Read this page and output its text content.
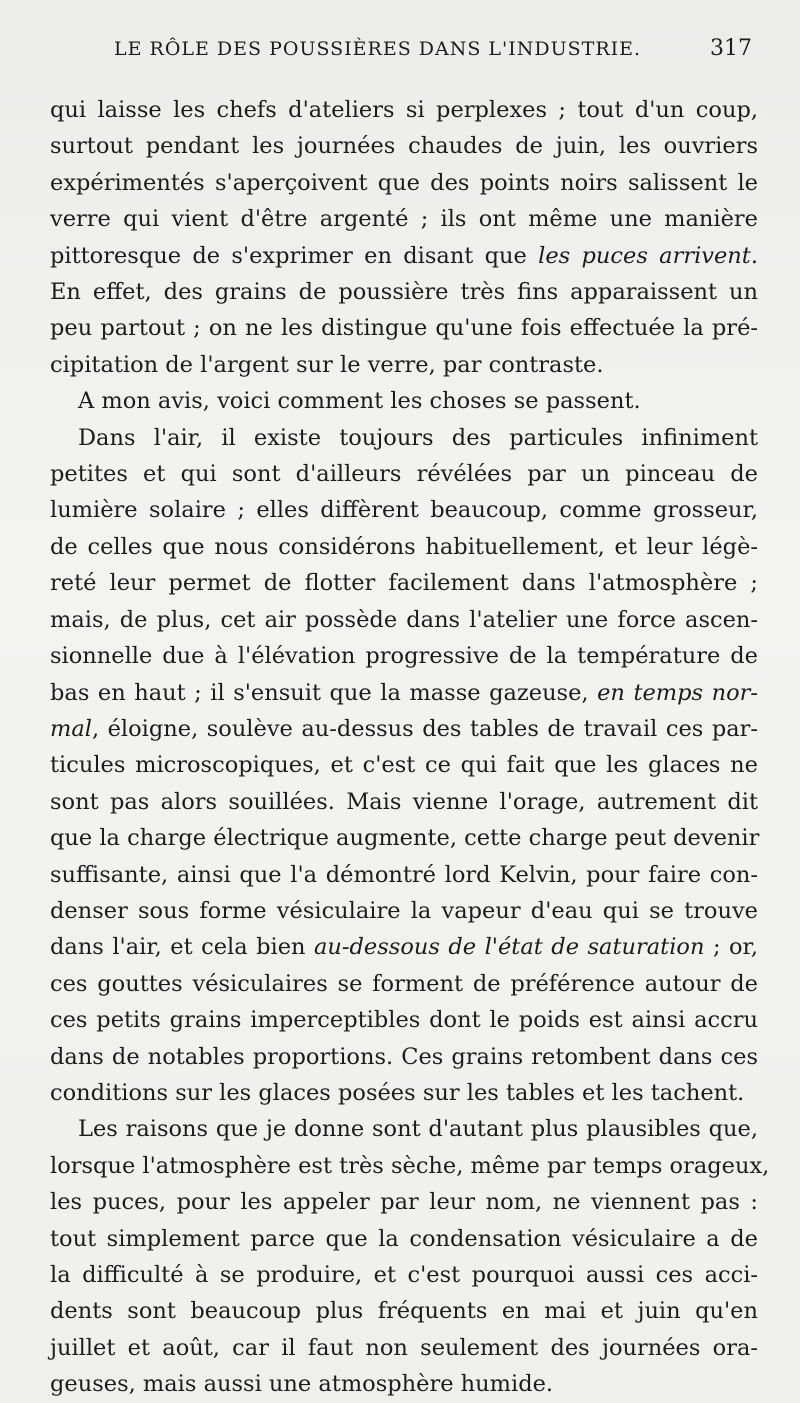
LE RÔLE DES POUSSIÈRES DANS L'INDUSTRIE.	317
qui laisse les chefs d'ateliers si perplexes ; tout d'un coup,
surtout pendant les journées chaudes de juin, les ouvriers
expérimentés s'aperçoivent que des points noirs salissent le
verre qui vient d'être argenté ; ils ont même une manière
pittoresque de s'exprimer en disant que les puces arrivent.
En effet, des grains de poussière très fins apparaissent un
peu partout ; on ne les distingue qu'une fois effectuée la pré-
cipitation de l'argent sur le verre, par contraste.
A mon avis, voici comment les choses se passent.
Dans l'air, il existe toujours des particules infiniment
petites et qui sont d'ailleurs révélées par un pinceau de
lumière solaire ; elles diffèrent beaucoup, comme grosseur,
de celles que nous considérons habituellement, et leur légè-
reté leur permet de flotter facilement dans l'atmosphère ;
mais, de plus, cet air possède dans l'atelier une force ascen-
sionnelle due à l'élévation progressive de la température de
bas en haut ; il s'ensuit que la masse gazeuse, en temps nor-
mal, éloigne, soulève au-dessus des tables de travail ces par-
ticules microscopiques, et c'est ce qui fait que les glaces ne
sont pas alors souillées. Mais vienne l'orage, autrement dit
que la charge électrique augmente, cette charge peut devenir
suffisante, ainsi que l'a démontré lord Kelvin, pour faire con-
denser sous forme vésiculaire la vapeur d'eau qui se trouve
dans l'air, et cela bien au-dessous de l'état de saturation ; or,
ces gouttes vésiculaires se forment de préférence autour de
ces petits grains imperceptibles dont le poids est ainsi accru
dans de notables proportions. Ces grains retombent dans ces
conditions sur les glaces posées sur les tables et les tachent.
Les raisons que je donne sont d'autant plus plausibles que,
lorsque l'atmosphère est très sèche, même par temps orageux,
les puces, pour les appeler par leur nom, ne viennent pas :
tout simplement parce que la condensation vésiculaire a de
la difficulté à se produire, et c'est pourquoi aussi ces acci-
dents sont beaucoup plus fréquents en mai et juin qu'en
juillet et août, car il faut non seulement des journées ora-
geuses, mais aussi une atmosphère humide.
